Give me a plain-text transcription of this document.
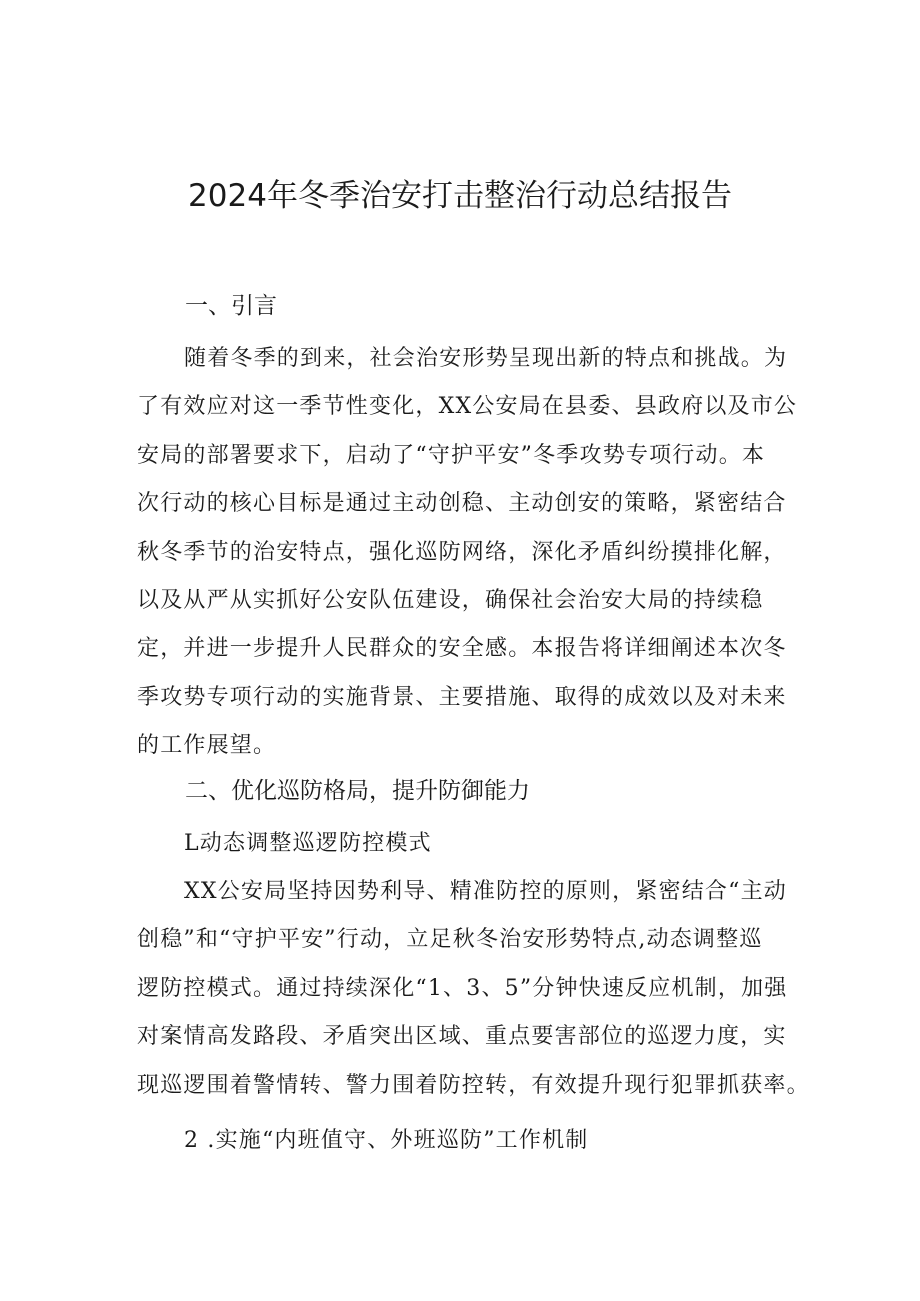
2024年冬季治安打击整治行动总结报告
一、引言

随着冬季的到来，社会治安形势呈现出新的特点和挑战。为

了有效应对这一季节性变化，XX公安局在县委、县政府以及市公

安局的部署要求下，启动了“守护平安”冬季攻势专项行动。本

次行动的核心目标是通过主动创稳、主动创安的策略，紧密结合

秋冬季节的治安特点，强化巡防网络，深化矛盾纠纷摸排化解，

以及从严从实抓好公安队伍建设，确保社会治安大局的持续稳

定，并进一步提升人民群众的安全感。本报告将详细阐述本次冬

季攻势专项行动的实施背景、主要措施、取得的成效以及对未来

的工作展望。

二、优化巡防格局，提升防御能力

L动态调整巡逻防控模式

XX公安局坚持因势利导、精准防控的原则，紧密结合“主动

创稳”和“守护平安”行动，立足秋冬治安形势特点,动态调整巡

逻防控模式。通过持续深化“1、3、5”分钟快速反应机制，加强

对案情高发路段、矛盾突出区域、重点要害部位的巡逻力度，实

现巡逻围着警情转、警力围着防控转，有效提升现行犯罪抓获率。

2 .实施“内班值守、外班巡防”工作机制
